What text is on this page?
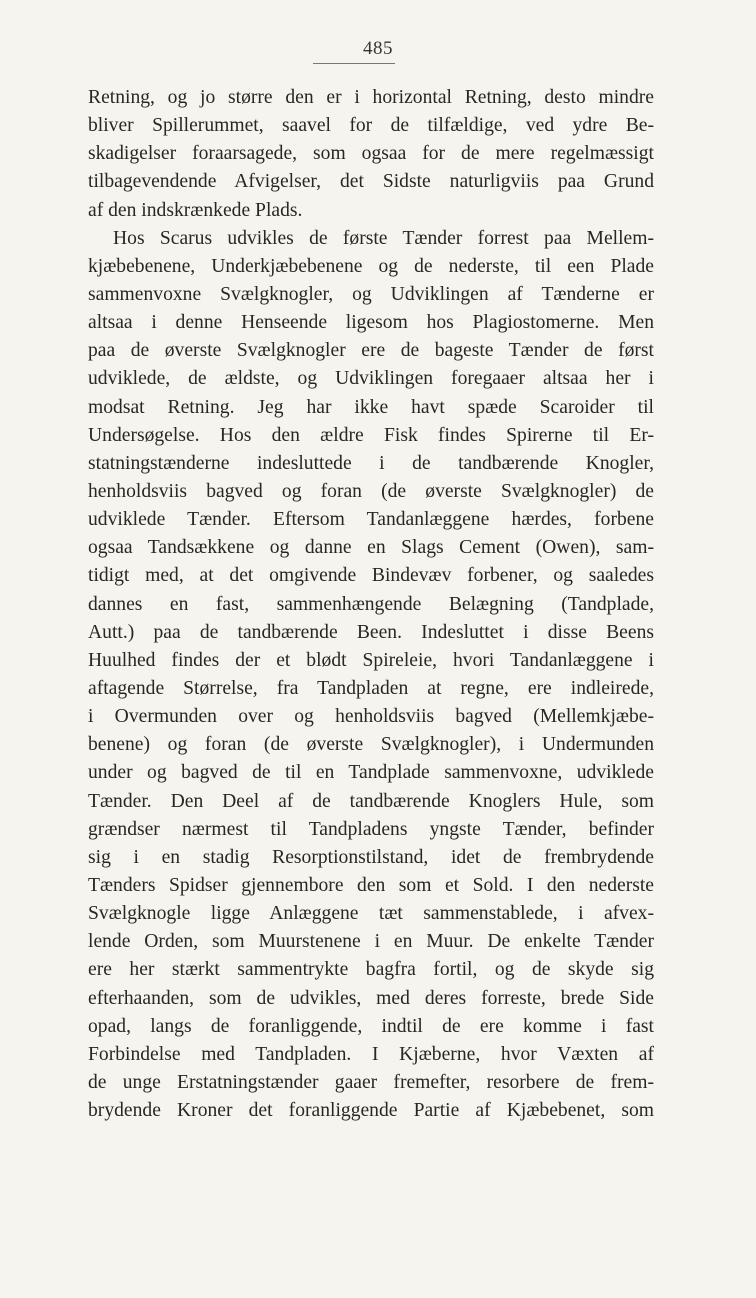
485
Retning, og jo større den er i horizontal Retning, desto mindre
bliver Spillerummet, saavel for de tilfældige, ved ydre Be-
skadigelser foraarsagede, som ogsaa for de mere regelmæssigt
tilbagevendende Afvigelser, det Sidste naturligviis paa Grund
af den indskrænkede Plads.
Hos Scarus udvikles de første Tænder forrest paa Mellem-
kjæbebenene, Underkjæbebenene og de nederste, til een Plade
sammenvoxne Svælgknogler, og Udviklingen af Tænderne er
altsaa i denne Henseende ligesom hos Plagiostomerne. Men
paa de øverste Svælgknogler ere de bageste Tænder de først
udviklede, de ældste, og Udviklingen foregaaer altsaa her i
modsat Retning. Jeg har ikke havt spæde Scaroider til
Undersøgelse. Hos den ældre Fisk findes Spirerne til Er-
statningstænderne indesluttede i de tandbærende Knogler,
henholdsviis bagved og foran (de øverste Svælgknogler) de
udviklede Tænder. Eftersom Tandanlæggene hærdes, forbene
ogsaa Tandsækkene og danne en Slags Cement (Owen), sam-
tidigt med, at det omgivende Bindevæv forbener, og saaledes
dannes en fast, sammenhængende Belægning (Tandplade,
Autt.) paa de tandbærende Been. Indesluttet i disse Beens
Huulhed findes der et blødt Spireleie, hvori Tandanlæggene i
aftagende Størrelse, fra Tandpladen at regne, ere indleirede,
i Overmunden over og henholdsviis bagved (Mellemkjæbe-
benene) og foran (de øverste Svælgknogler), i Undermunden
under og bagved de til en Tandplade sammenvoxne, udviklede
Tænder. Den Deel af de tandbærende Knoglers Hule, som
grændser nærmest til Tandpladens yngste Tænder, befinder
sig i en stadig Resorptionstilstand, idet de frembrydende
Tænders Spidser gjennembore den som et Sold. I den nederste
Svælgknogle ligge Anlæggene tæt sammenstablede, i afvex-
lende Orden, som Muurstenene i en Muur. De enkelte Tænder
ere her stærkt sammentrykte bagfra fortil, og de skyde sig
efterhaanden, som de udvikles, med deres forreste, brede Side
opad, langs de foranliggende, indtil de ere komme i fast
Forbindelse med Tandpladen. I Kjæberne, hvor Væxten af
de unge Erstatningstænder gaaer fremefter, resorbere de frem-
brydende Kroner det foranliggende Partie af Kjæbebenet, som
